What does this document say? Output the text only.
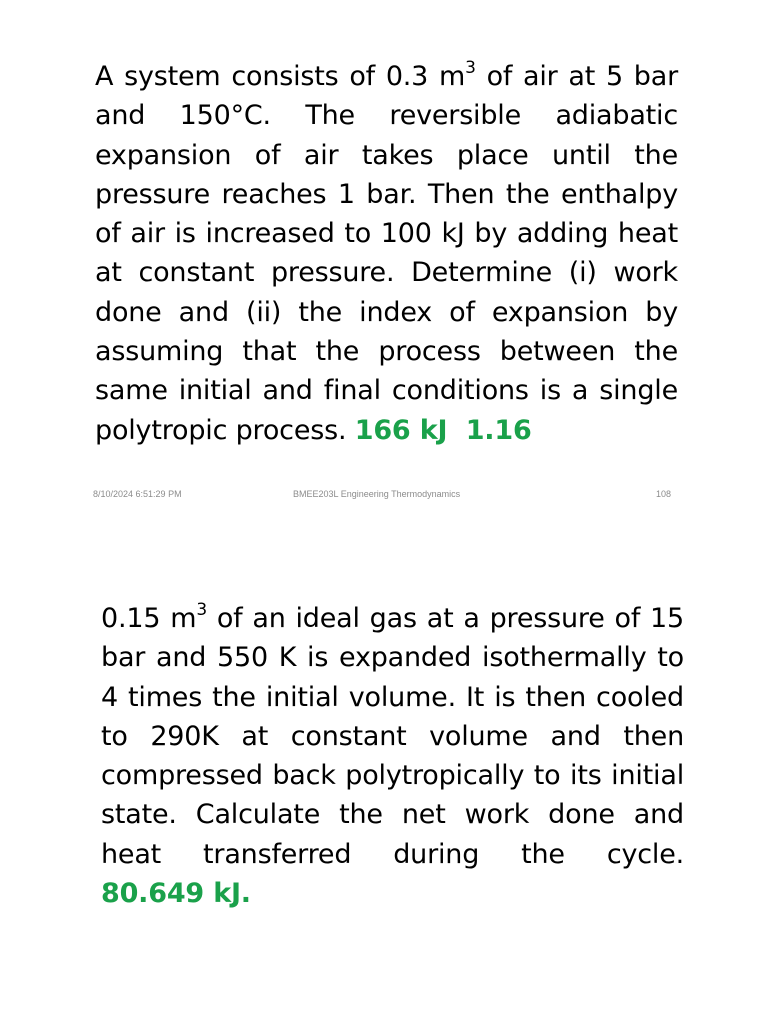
A system consists of 0.3 $m^3$ of air at 5 bar and 150°C. The reversible adiabatic expansion of air takes place until the pressure reaches 1 bar. Then the enthalpy of air is increased to 100 kJ by adding heat at constant pressure. Determine (i) work done and (ii) the index of expansion by assuming that the process between the same initial and final conditions is a single polytropic process. 166 kJ  1.16

8/10/2024 6:51:29 PM	BMEE203L Engineering Thermodynamics	108

0.15 $m^3$ of an ideal gas at a pressure of 15 bar and 550 K is expanded isothermally to 4 times the initial volume. It is then cooled to 290K at constant volume and then compressed back polytropically to its initial state. Calculate the net work done and heat transferred during the cycle. 80.649 kJ.
